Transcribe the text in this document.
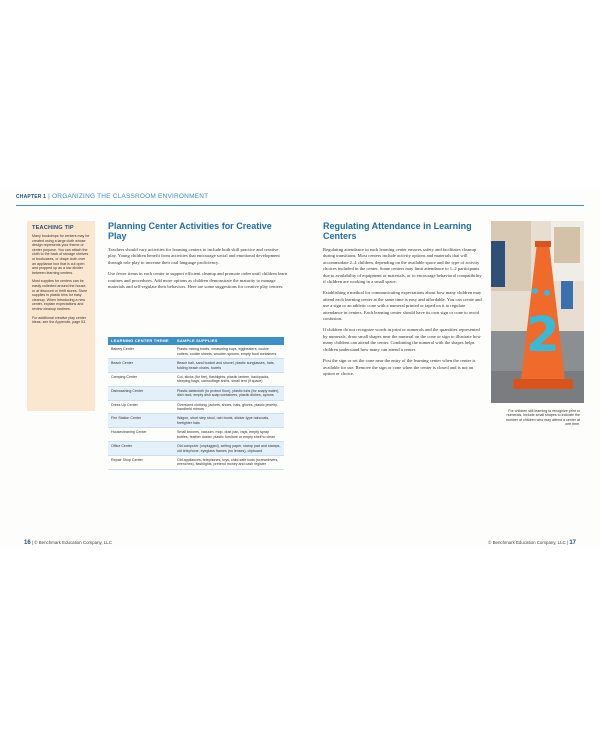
CHAPTER 1 | ORGANIZING THE CLASSROOM ENVIRONMENT
TEACHING TIP

Many bookdrops for centers may be created using a large cloth whose design represents your theme or center purpose. You can attach the cloth to the back of storage shelves or bookcases, or drape cloth over an appliance box that is cut open and propped up as a low divider between learning centers.

Most supplies for centers can be easily collected around the house, or at discount or thrift stores. Store supplies in plastic bins for easy cleanup. When introducing a new center, explain expectations and review cleanup routines.

For additional creative play center ideas, see the Appendix, page 53.

Planning Center Activities for Creative Play

Teachers should vary activities for learning centers to include both skill practice and creative play. Young children benefit from activities that encourage social and emotional development through role play to increase their oral language proficiency.

Use fewer items in each center to support efficient cleanup and promote order until children learn routines and procedures. Add more options as children demonstrate the maturity to manage materials and self-regulate their behaviors. Here are some suggestions for creative play centers:

LEARNING CENTER THEME	SAMPLE SUPPLIES
Bakery Center	Plastic mixing bowls, measuring cups, eggbeaters, cookie cutters, cookie sheets, wooden spoons, empty food containers
Beach Center	Beach ball, sand bucket and shovel, plastic sunglasses, hats, folding beach chairs, towels
Camping Center	Cot, sticks (for fire), flashlights, plastic lantern, backpacks, sleeping bags, camouflage shirts, small tent (if space)
Dishwashing Center	Plastic tablecloth (to protect floor), plastic tubs (for soapy water), dish rack, empty dish soap containers, plastic dishes, aprons
Dress Up Center	Oversized clothing, jackets, shoes, hats, gloves, plastic jewelry, handheld mirrors
Fire Station Center	Wagon, short step stool, rain boots, slicker-type raincoats, firefighter hats
Housecleaning Center	Small brooms, vacuum, mop, dust pan, rags, empty spray bottles, feather duster, plastic furniture or empty shelf to clean
Office Center	Old computer (unplugged), writing paper, stamp pad and stamps, old telephone, eyeglass frames (no lenses), clipboard
Repair Shop Center	Old appliances, telephones, toys, child-safe tools (screwdrivers, wrenches), flashlights, pretend money and cash register
Regulating Attendance in Learning Centers

Regulating attendance in each learning center ensures safety and facilitates cleanup during transitions. Most centers include activity options and materials that will accommodate 2–4 children, depending on the available space and the type of activity choices included in the center. Some centers may limit attendance to 1–2 participants due to availability of equipment or materials, or to encourage behavioral compatibility if children are working in a small space.

Establishing a method for communicating expectations about how many children may attend each learning center at the same time is easy and affordable. You can create and use a sign or an athletic cone with a numeral printed or taped on it to regulate attendance in centers. Each learning center should have its own sign or cone to avoid confusion.

If children do not recognize words in print or numerals and the quantities represented by numerals, draw small shapes near the numeral on the cone or sign to illustrate how many children can attend the center. Combining the numeral with the shapes helps children understand how many can attend a center.

Post the sign or set the cone near the entry of the learning center when the center is available for use. Remove the sign or cone when the center is closed and is not an option or choice.

2

For children still learning to recognize print or numerals, include small shapes to indicate the number of children who may attend a center at one time.

16 | © Benchmark Education Company, LLC	© Benchmark Education Company, LLC | 17
